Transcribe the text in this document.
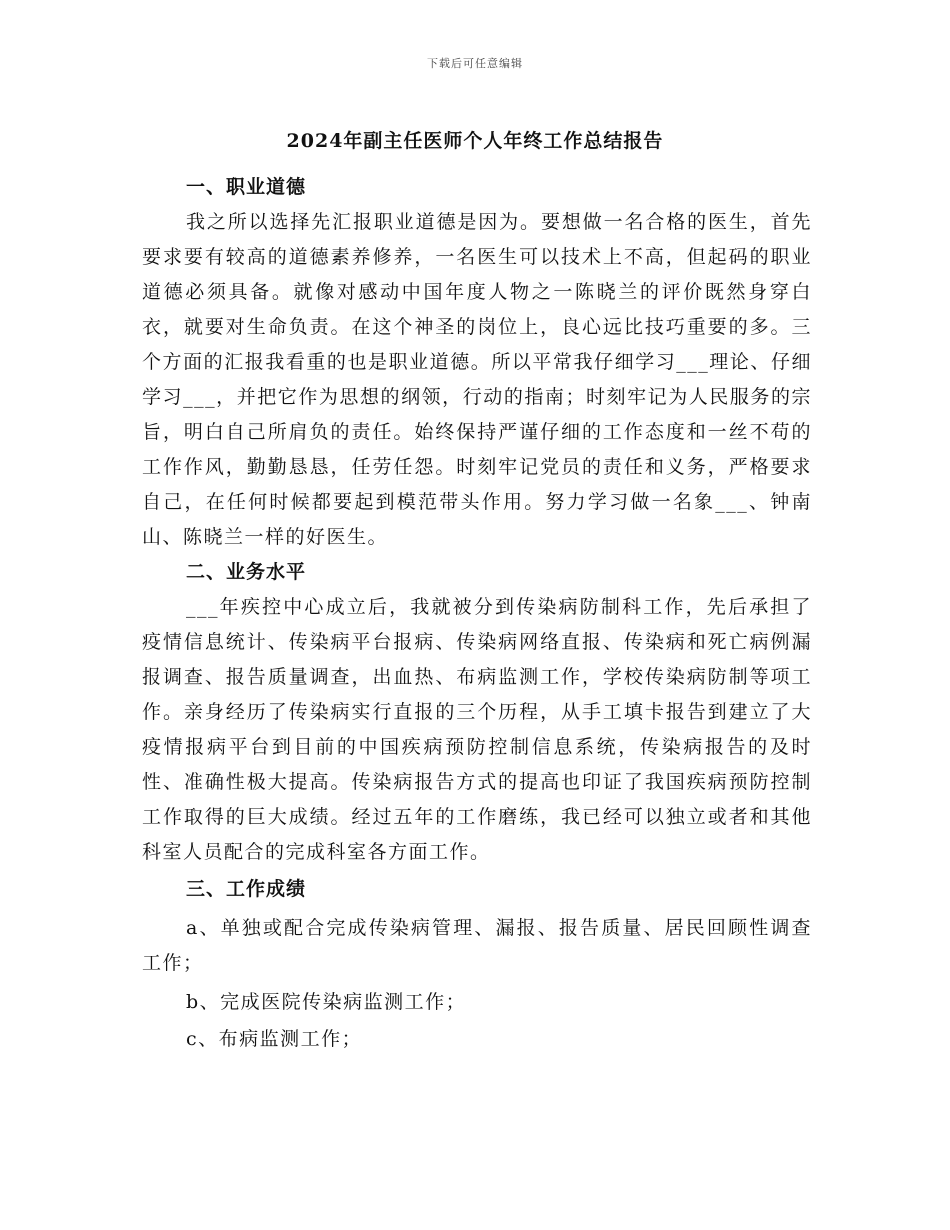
下载后可任意编辑
2024年副主任医师个人年终工作总结报告

一、职业道德

我之所以选择先汇报职业道德是因为。要想做一名合格的医生，首先要求要有较高的道德素养修养，一名医生可以技术上不高，但起码的职业道德必须具备。就像对感动中国年度人物之一陈晓兰的评价既然身穿白衣，就要对生命负责。在这个神圣的岗位上，良心远比技巧重要的多。三个方面的汇报我看重的也是职业道德。所以平常我仔细学习___理论、仔细学习___，并把它作为思想的纲领，行动的指南；时刻牢记为人民服务的宗旨，明白自己所肩负的责任。始终保持严谨仔细的工作态度和一丝不苟的工作作风，勤勤恳恳，任劳任怨。时刻牢记党员的责任和义务，严格要求自己，在任何时候都要起到模范带头作用。努力学习做一名象___、钟南山、陈晓兰一样的好医生。

二、业务水平

___年疾控中心成立后，我就被分到传染病防制科工作，先后承担了疫情信息统计、传染病平台报病、传染病网络直报、传染病和死亡病例漏报调查、报告质量调查，出血热、布病监测工作，学校传染病防制等项工作。亲身经历了传染病实行直报的三个历程，从手工填卡报告到建立了大疫情报病平台到目前的中国疾病预防控制信息系统，传染病报告的及时性、准确性极大提高。传染病报告方式的提高也印证了我国疾病预防控制工作取得的巨大成绩。经过五年的工作磨练，我已经可以独立或者和其他科室人员配合的完成科室各方面工作。

三、工作成绩

a、单独或配合完成传染病管理、漏报、报告质量、居民回顾性调查工作；

b、完成医院传染病监测工作；

c、布病监测工作；
